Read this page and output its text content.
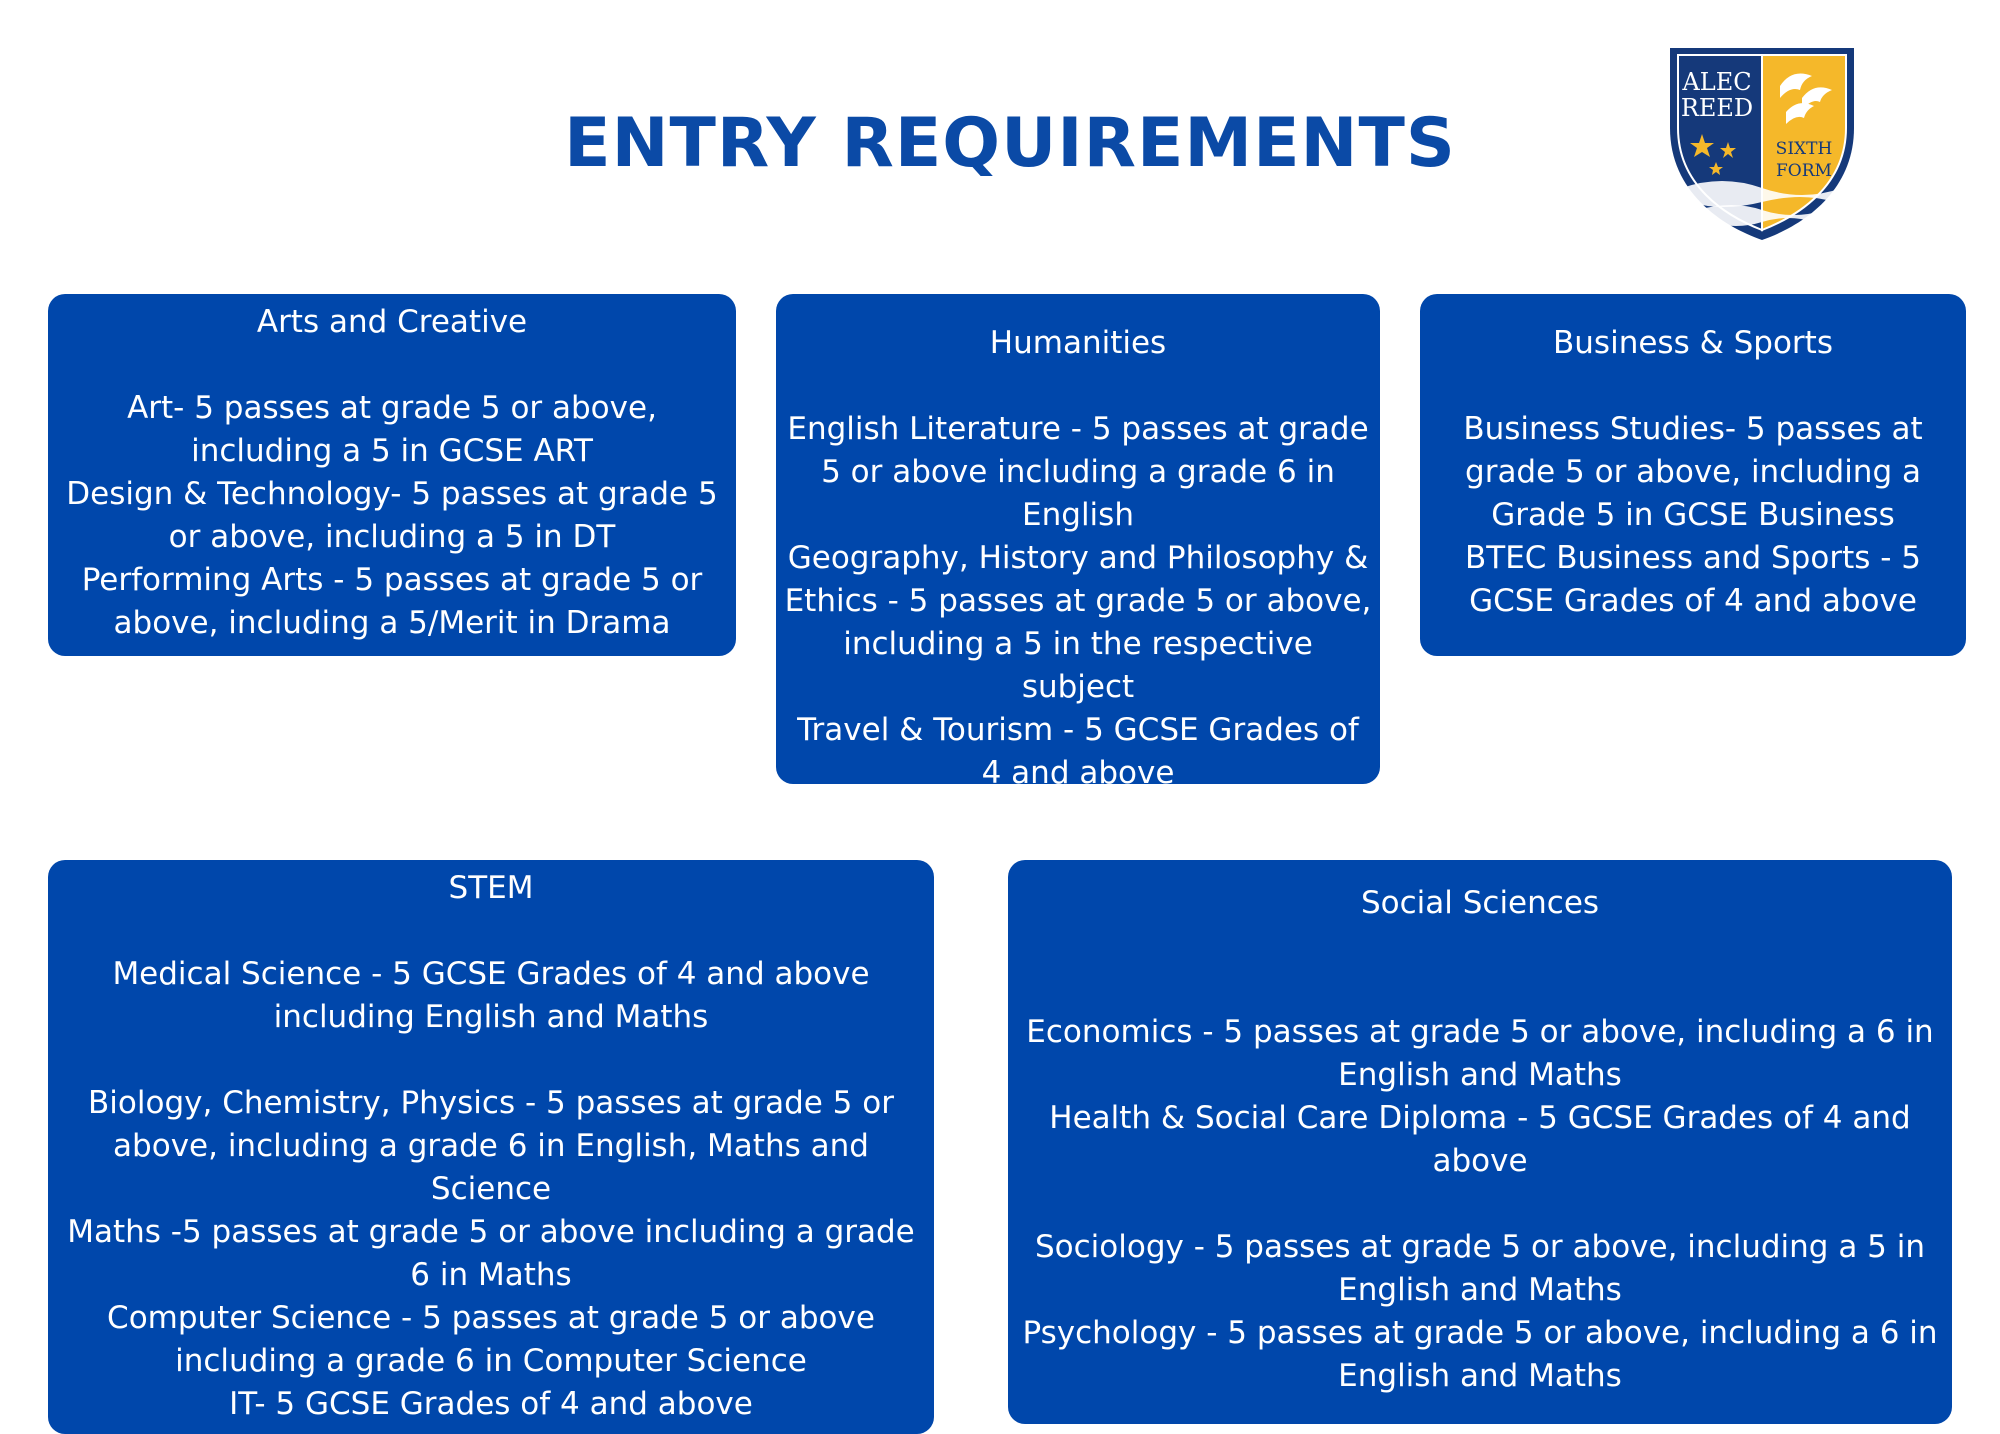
ENTRY REQUIREMENTS
ALEC
REED
SIXTH
FORM
Arts and Creative

Art- 5 passes at grade 5 or above, including a 5 in GCSE ART

Design & Technology- 5 passes at grade 5 or above, including a 5 in DT

Performing Arts - 5 passes at grade 5 or above, including a 5/Merit in Drama

Humanities

English Literature - 5 passes at grade 5 or above including a grade 6 in English

Geography, History and Philosophy & Ethics - 5 passes at grade 5 or above, including a 5 in the respective subject

Travel & Tourism - 5 GCSE Grades of 4 and above

Business & Sports

Business Studies- 5 passes at grade 5 or above, including a Grade 5 in GCSE Business

BTEC Business and Sports - 5 GCSE Grades of 4 and above

STEM

Medical Science - 5 GCSE Grades of 4 and above including English and Maths

Biology, Chemistry, Physics - 5 passes at grade 5 or above, including a grade 6 in English, Maths and Science

Maths -5 passes at grade 5 or above including a grade 6 in Maths

Computer Science - 5 passes at grade 5 or above including a grade 6 in Computer Science

IT- 5 GCSE Grades of 4 and above

Social Sciences

Economics - 5 passes at grade 5 or above, including a 6 in English and Maths

Health & Social Care Diploma - 5 GCSE Grades of 4 and above

Sociology - 5 passes at grade 5 or above, including a 5 in English and Maths

Psychology - 5 passes at grade 5 or above, including a 6 in English and Maths
